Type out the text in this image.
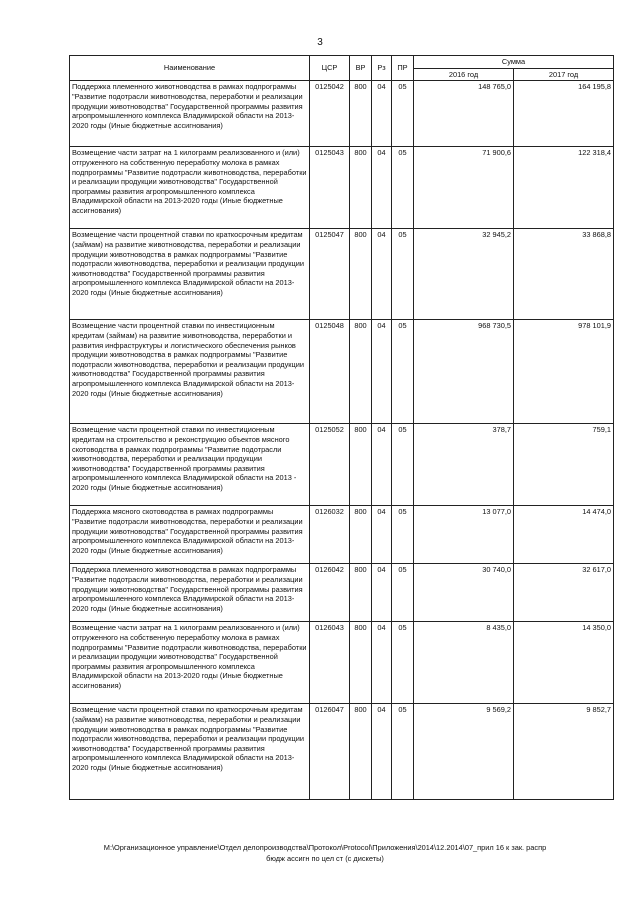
3
Наименование	ЦСР	ВР	Рз	ПР	Сумма	
					2016 год	2017 год
Поддержка племенного животноводства в рамках подпрограммы "Развитие подотрасли животноводства, переработки и реализации продукции животноводства" Государственной программы развития агропромышленного комплекса Владимирской области на 2013-2020 годы (Иные бюджетные ассигнования)	0125042	800	04	05	148 765,0	164 195,8
Возмещение части затрат на 1 килограмм реализованного и (или) отгруженного на собственную переработку молока в рамках подпрограммы "Развитие подотрасли животноводства, переработки и реализации продукции животноводства" Государственной программы развития агропромышленного комплекса Владимирской области на 2013-2020 годы (Иные бюджетные ассигнования)	0125043	800	04	05	71 900,6	122 318,4
Возмещение части процентной ставки по краткосрочным кредитам (займам) на развитие животноводства, переработки и реализации продукции животноводства в рамках подпрограммы "Развитие подотрасли животноводства, переработки и реализации продукции животноводства" Государственной программы развития агропромышленного комплекса Владимирской области на 2013-2020 годы (Иные бюджетные ассигнования)	0125047	800	04	05	32 945,2	33 868,8
Возмещение части процентной ставки по инвестиционным кредитам (займам) на развитие животноводства, переработки и развития инфраструктуры и логистического обеспечения рынков продукции животноводства в рамках подпрограммы "Развитие подотрасли животноводства, переработки и реализации продукции животноводства" Государственной программы развития агропромышленного комплекса Владимирской области на 2013-2020 годы (Иные бюджетные ассигнования)	0125048	800	04	05	968 730,5	978 101,9
Возмещение части процентной ставки по инвестиционным кредитам на строительство и реконструкцию объектов мясного скотоводства в рамках подпрограммы "Развитие подотрасли животноводства, переработки и реализации продукции животноводства" Государственной программы развития агропромышленного комплекса Владимирской области на 2013 - 2020 годы (Иные бюджетные ассигнования)	0125052	800	04	05	378,7	759,1
Поддержка мясного скотоводства в рамках подпрограммы "Развитие подотрасли животноводства, переработки и реализации продукции животноводства" Государственной программы развития агропромышленного комплекса Владимирской области на 2013-2020 годы (Иные бюджетные ассигнования)	0126032	800	04	05	13 077,0	14 474,0
Поддержка племенного животноводства в рамках подпрограммы "Развитие подотрасли животноводства, переработки и реализации продукции животноводства" Государственной программы развития агропромышленного комплекса Владимирской области на 2013-2020 годы (Иные бюджетные ассигнования)	0126042	800	04	05	30 740,0	32 617,0
Возмещение части затрат на 1 килограмм реализованного и (или) отгруженного на собственную переработку молока в рамках подпрограммы "Развитие подотрасли животноводства, переработки и реализации продукции животноводства" Государственной программы развития агропромышленного комплекса Владимирской области на 2013-2020 годы (Иные бюджетные ассигнования)	0126043	800	04	05	8 435,0	14 350,0
Возмещение части процентной ставки по краткосрочным кредитам (займам) на развитие животноводства, переработки и реализации продукции животноводства в рамках подпрограммы "Развитие подотрасли животноводства, переработки и реализации продукции животноводства" Государственной программы развития агропромышленного комплекса Владимирской области на 2013-2020 годы (Иные бюджетные ассигнования)	0126047	800	04	05	9 569,2	9 852,7
M:\Организационное управление\Отдел делопроизводства\Протокол\Protocol\Приложения\2014\12.2014\07_прил 16 к зак. распр
бюдж ассигн по цел ст (с дискеты)
